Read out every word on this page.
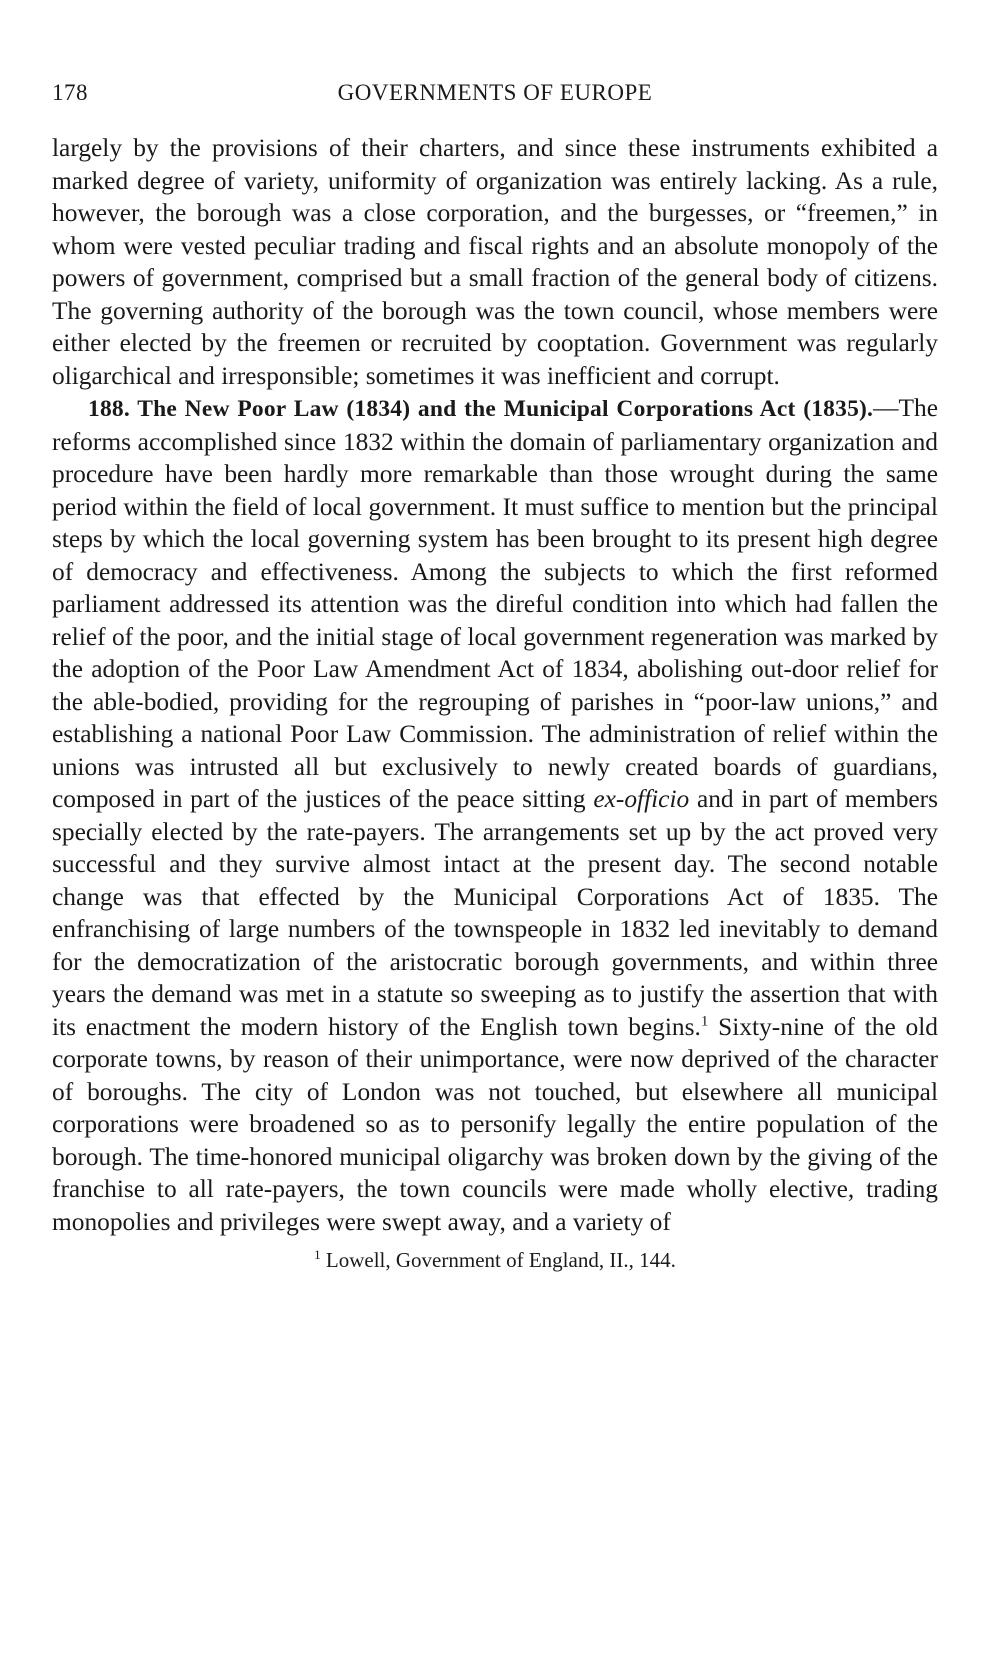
178	GOVERNMENTS OF EUROPE

largely by the provisions of their charters, and since these instruments exhibited a marked degree of variety, uniformity of organization was entirely lacking. As a rule, however, the borough was a close corporation, and the burgesses, or “freemen,” in whom were vested peculiar trading and fiscal rights and an absolute monopoly of the powers of government, comprised but a small fraction of the general body of citizens. The governing authority of the borough was the town council, whose members were either elected by the freemen or recruited by cooptation. Government was regularly oligarchical and irresponsible; sometimes it was inefficient and corrupt.

188. The New Poor Law (1834) and the Municipal Corporations Act (1835).—The reforms accomplished since 1832 within the domain of parliamentary organization and procedure have been hardly more remarkable than those wrought during the same period within the field of local government. It must suffice to mention but the principal steps by which the local governing system has been brought to its present high degree of democracy and effectiveness. Among the subjects to which the first reformed parliament addressed its attention was the direful condition into which had fallen the relief of the poor, and the initial stage of local government regeneration was marked by the adoption of the Poor Law Amendment Act of 1834, abolishing out-door relief for the able-bodied, providing for the regrouping of parishes in “poor-law unions,” and establishing a national Poor Law Commission. The administration of relief within the unions was intrusted all but exclusively to newly created boards of guardians, composed in part of the justices of the peace sitting ex-officio and in part of members specially elected by the rate-payers. The arrangements set up by the act proved very successful and they survive almost intact at the present day. The second notable change was that effected by the Municipal Corporations Act of 1835. The enfranchising of large numbers of the townspeople in 1832 led inevitably to demand for the democratization of the aristocratic borough governments, and within three years the demand was met in a statute so sweeping as to justify the assertion that with its enactment the modern history of the English town begins.$^1$ Sixty-nine of the old corporate towns, by reason of their unimportance, were now deprived of the character of boroughs. The city of London was not touched, but elsewhere all municipal corporations were broadened so as to personify legally the entire population of the borough. The time-honored municipal oligarchy was broken down by the giving of the franchise to all rate-payers, the town councils were made wholly elective, trading monopolies and privileges were swept away, and a variety of

$^1$ Lowell, Government of England, II., 144.
